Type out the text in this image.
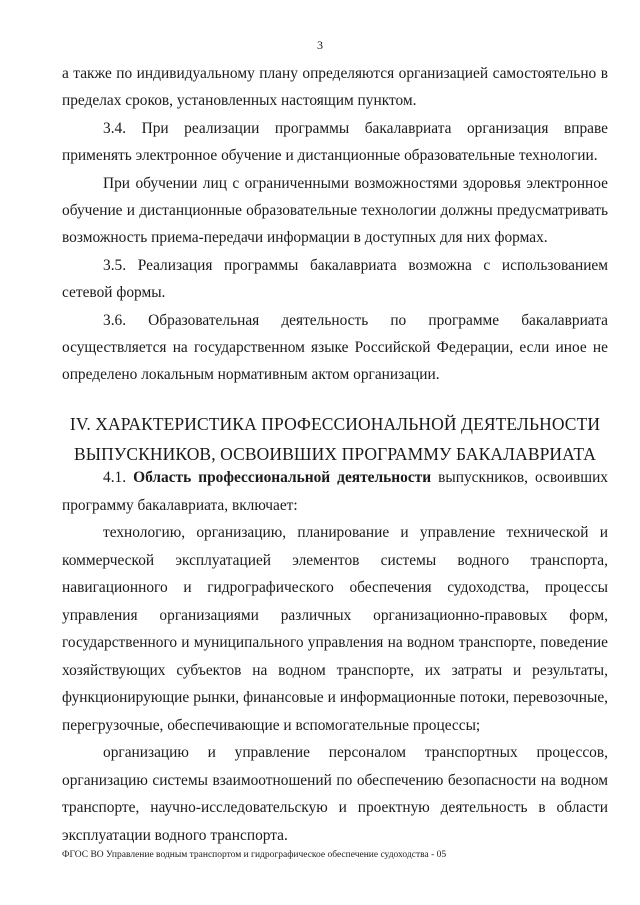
3

а также по индивидуальному плану определяются организацией самостоятельно в пределах сроков, установленных настоящим пунктом.

3.4. При реализации программы бакалавриата организация вправе применять электронное обучение и дистанционные образовательные технологии.

При обучении лиц с ограниченными возможностями здоровья электронное обучение и дистанционные образовательные технологии должны предусматривать возможность приема-передачи информации в доступных для них формах.

3.5. Реализация программы бакалавриата возможна с использованием сетевой формы.

3.6. Образовательная деятельность по программе бакалавриата осуществляется на государственном языке Российской Федерации, если иное не определено локальным нормативным актом организации.

IV. ХАРАКТЕРИСТИКА ПРОФЕССИОНАЛЬНОЙ ДЕЯТЕЛЬНОСТИ
ВЫПУСКНИКОВ, ОСВОИВШИХ ПРОГРАММУ БАКАЛАВРИАТА

4.1. Область профессиональной деятельности выпускников, освоивших программу бакалавриата, включает:

технологию, организацию, планирование и управление технической и коммерческой эксплуатацией элементов системы водного транспорта, навигационного и гидрографического обеспечения судоходства, процессы управления организациями различных организационно-правовых форм, государственного и муниципального управления на водном транспорте, поведение хозяйствующих субъектов на водном транспорте, их затраты и результаты, функционирующие рынки, финансовые и информационные потоки, перевозочные, перегрузочные, обеспечивающие и вспомогательные процессы;

организацию и управление персоналом транспортных процессов, организацию системы взаимоотношений по обеспечению безопасности на водном транспорте, научно-исследовательскую и проектную деятельность в области эксплуатации водного транспорта.

ФГОС ВО Управление водным транспортом и гидрографическое обеспечение судоходства - 05
